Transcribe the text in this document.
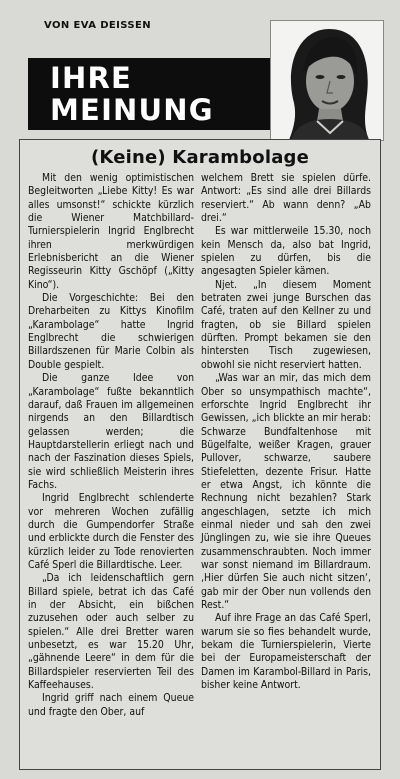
VON EVA DEISSEN
IHRE
MEINUNG
(Keine) Karambolage

Mit den wenig optimistischen Begleitworten „Liebe Kitty! Es war alles umsonst!“ schickte kürzlich die Wiener Matchbillard-Turnierspielerin Ingrid Englbrecht ihren merkwürdigen Erlebnisbericht an die Wiener Regisseurin Kitty Gschöpf („Kitty Kino“).

Die Vorgeschichte: Bei den Dreharbeiten zu Kittys Kinofilm „Karambolage“ hatte Ingrid Englbrecht die schwierigen Billardszenen für Marie Colbin als Double gespielt.

Die ganze Idee von „Karambolage“ fußte bekanntlich darauf, daß Frauen im allgemeinen nirgends an den Billardtisch gelassen werden; die Hauptdarstellerin erliegt nach und nach der Faszination dieses Spiels, sie wird schließlich Meisterin ihres Fachs.

Ingrid Englbrecht schlenderte vor mehreren Wochen zufällig durch die Gumpendorfer Straße und erblickte durch die Fenster des kürzlich leider zu Tode renovierten Café Sperl die Billardtische. Leer.

„Da ich leidenschaftlich gern Billard spiele, betrat ich das Café in der Absicht, ein bißchen zuzusehen oder auch selber zu spielen.“ Alle drei Bretter waren unbesetzt, es war 15.20 Uhr, „gähnende Leere“ in dem für die Billardspieler reservierten Teil des Kaffeehauses.

Ingrid griff nach einem Queue und fragte den Ober, auf

welchem Brett sie spielen dürfe. Antwort: „Es sind alle drei Billards reserviert.“ Ab wann denn? „Ab drei.“

Es war mittlerweile 15.30, noch kein Mensch da, also bat Ingrid, spielen zu dürfen, bis die angesagten Spieler kämen.

Njet. „In diesem Moment betraten zwei junge Burschen das Café, traten auf den Kellner zu und fragten, ob sie Billard spielen dürften. Prompt bekamen sie den hintersten Tisch zugewiesen, obwohl sie nicht reserviert hatten.

„Was war an mir, das mich dem Ober so unsympathisch machte“, erforschte Ingrid Englbrecht ihr Gewissen, „ich blickte an mir herab: Schwarze Bundfaltenhose mit Bügelfalte, weißer Kragen, grauer Pullover, schwarze, saubere Stiefeletten, dezente Frisur. Hatte er etwa Angst, ich könnte die Rechnung nicht bezahlen? Stark angeschlagen, setzte ich mich einmal nieder und sah den zwei Jünglingen zu, wie sie ihre Queues zusammenschraubten. Noch immer war sonst niemand im Billardraum. ‚Hier dürfen Sie auch nicht sitzen‘, gab mir der Ober nun vollends den Rest.“

Auf ihre Frage an das Café Sperl, warum sie so fies behandelt wurde, bekam die Turnierspielerin, Vierte bei der Europameisterschaft der Damen im Karambol-Billard in Paris, bisher keine Antwort.
